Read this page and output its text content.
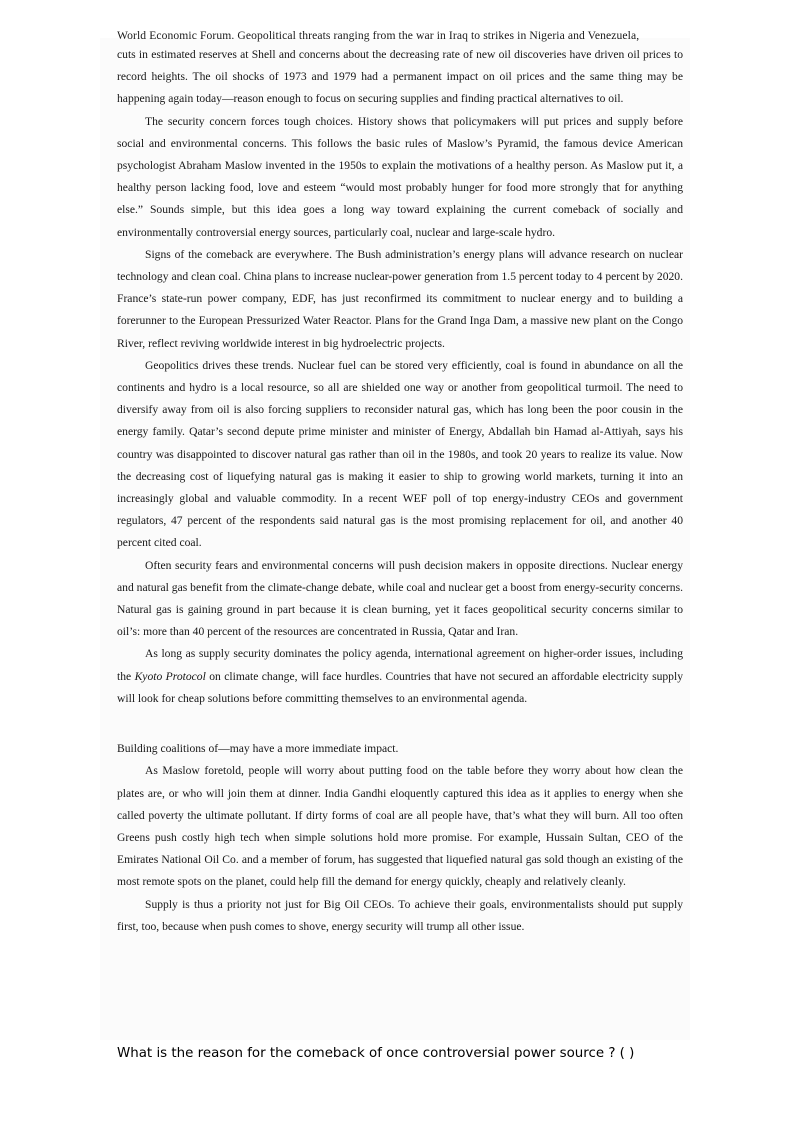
World Economic Forum. Geopolitical threats ranging from the war in Iraq to strikes in Nigeria and Venezuela,

cuts in estimated reserves at Shell and concerns about the decreasing rate of new oil discoveries have driven oil prices to record heights. The oil shocks of 1973 and 1979 had a permanent impact on oil prices and the same thing may be happening again today—reason enough to focus on securing supplies and finding practical alternatives to oil.

The security concern forces tough choices. History shows that policymakers will put prices and supply before social and environmental concerns. This follows the basic rules of Maslow’s Pyramid, the famous device American psychologist Abraham Maslow invented in the 1950s to explain the motivations of a healthy person. As Maslow put it, a healthy person lacking food, love and esteem “would most probably hunger for food more strongly that for anything else.” Sounds simple, but this idea goes a long way toward explaining the current comeback of socially and environmentally controversial energy sources, particularly coal, nuclear and large-scale hydro.

Signs of the comeback are everywhere. The Bush administration’s energy plans will advance research on nuclear technology and clean coal. China plans to increase nuclear-power generation from 1.5 percent today to 4 percent by 2020. France’s state-run power company, EDF, has just reconfirmed its commitment to nuclear energy and to building a forerunner to the European Pressurized Water Reactor. Plans for the Grand Inga Dam, a massive new plant on the Congo River, reflect reviving worldwide interest in big hydroelectric projects.

Geopolitics drives these trends. Nuclear fuel can be stored very efficiently, coal is found in abundance on all the continents and hydro is a local resource, so all are shielded one way or another from geopolitical turmoil. The need to diversify away from oil is also forcing suppliers to reconsider natural gas, which has long been the poor cousin in the energy family. Qatar’s second depute prime minister and minister of Energy, Abdallah bin Hamad al-Attiyah, says his country was disappointed to discover natural gas rather than oil in the 1980s, and took 20 years to realize its value. Now the decreasing cost of liquefying natural gas is making it easier to ship to growing world markets, turning it into an increasingly global and valuable commodity. In a recent WEF poll of top energy-industry CEOs and government regulators, 47 percent of the respondents said natural gas is the most promising replacement for oil, and another 40 percent cited coal.

Often security fears and environmental concerns will push decision makers in opposite directions. Nuclear energy and natural gas benefit from the climate-change debate, while coal and nuclear get a boost from energy-security concerns. Natural gas is gaining ground in part because it is clean burning, yet it faces geopolitical security concerns similar to oil’s: more than 40 percent of the resources are concentrated in Russia, Qatar and Iran.

As long as supply security dominates the policy agenda, international agreement on higher-order issues, including the Kyoto Protocol on climate change, will face hurdles. Countries that have not secured an affordable electricity supply will look for cheap solutions before committing themselves to an environmental agenda.

Building coalitions of—may have a more immediate impact.

As Maslow foretold, people will worry about putting food on the table before they worry about how clean the plates are, or who will join them at dinner. India Gandhi eloquently captured this idea as it applies to energy when she called poverty the ultimate pollutant. If dirty forms of coal are all people have, that’s what they will burn. All too often Greens push costly high tech when simple solutions hold more promise. For example, Hussain Sultan, CEO of the Emirates National Oil Co. and a member of forum, has suggested that liquefied natural gas sold though an existing of the most remote spots on the planet, could help fill the demand for energy quickly, cheaply and relatively cleanly.

Supply is thus a priority not just for Big Oil CEOs. To achieve their goals, environmentalists should put supply first, too, because when push comes to shove, energy security will trump all other issue.

What is the reason for the comeback of once controversial power source ? ( )
